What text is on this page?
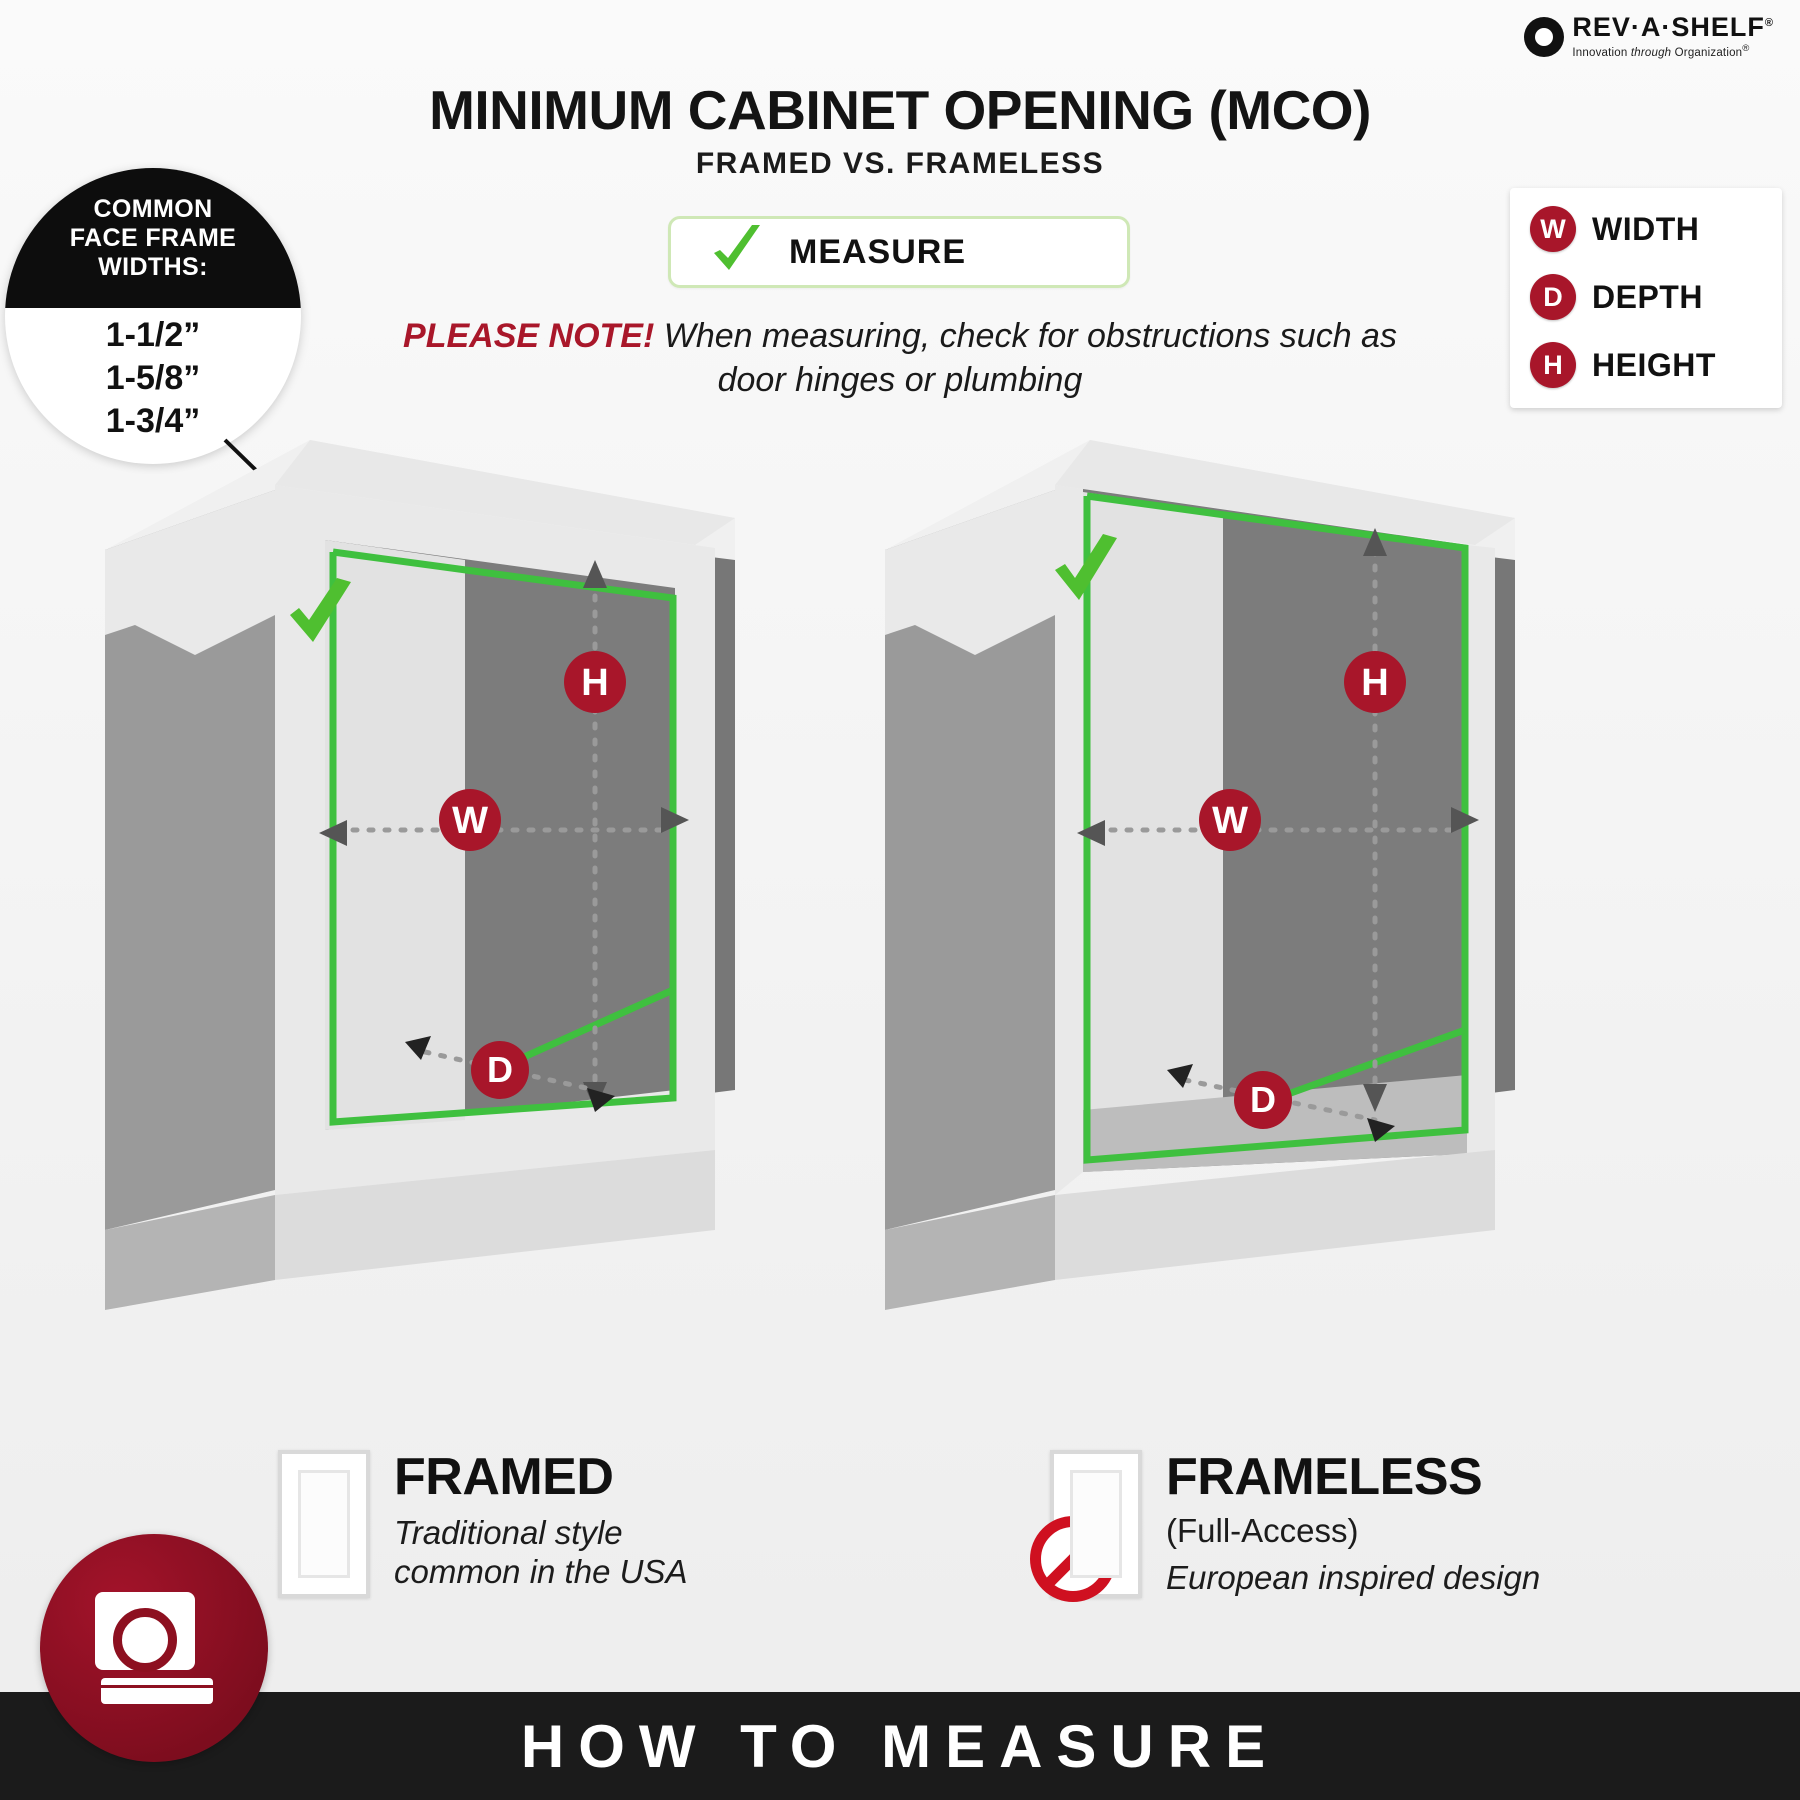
REV·A·SHELF®
Innovation through Organization®
MINIMUM CABINET OPENING (MCO)
FRAMED VS. FRAMELESS
MEASURE
PLEASE NOTE! When measuring, check for obstructions such as door hinges or plumbing
W WIDTH
D DEPTH
H HEIGHT
COMMON
FACE FRAME
WIDTHS:
1-1/2”
1-5/8”
1-3/4”
H
W
D
H
W
D
FRAMED
Traditional style
common in the USA
FRAMELESS
(Full-Access)
European inspired design
HOW TO MEASURE
